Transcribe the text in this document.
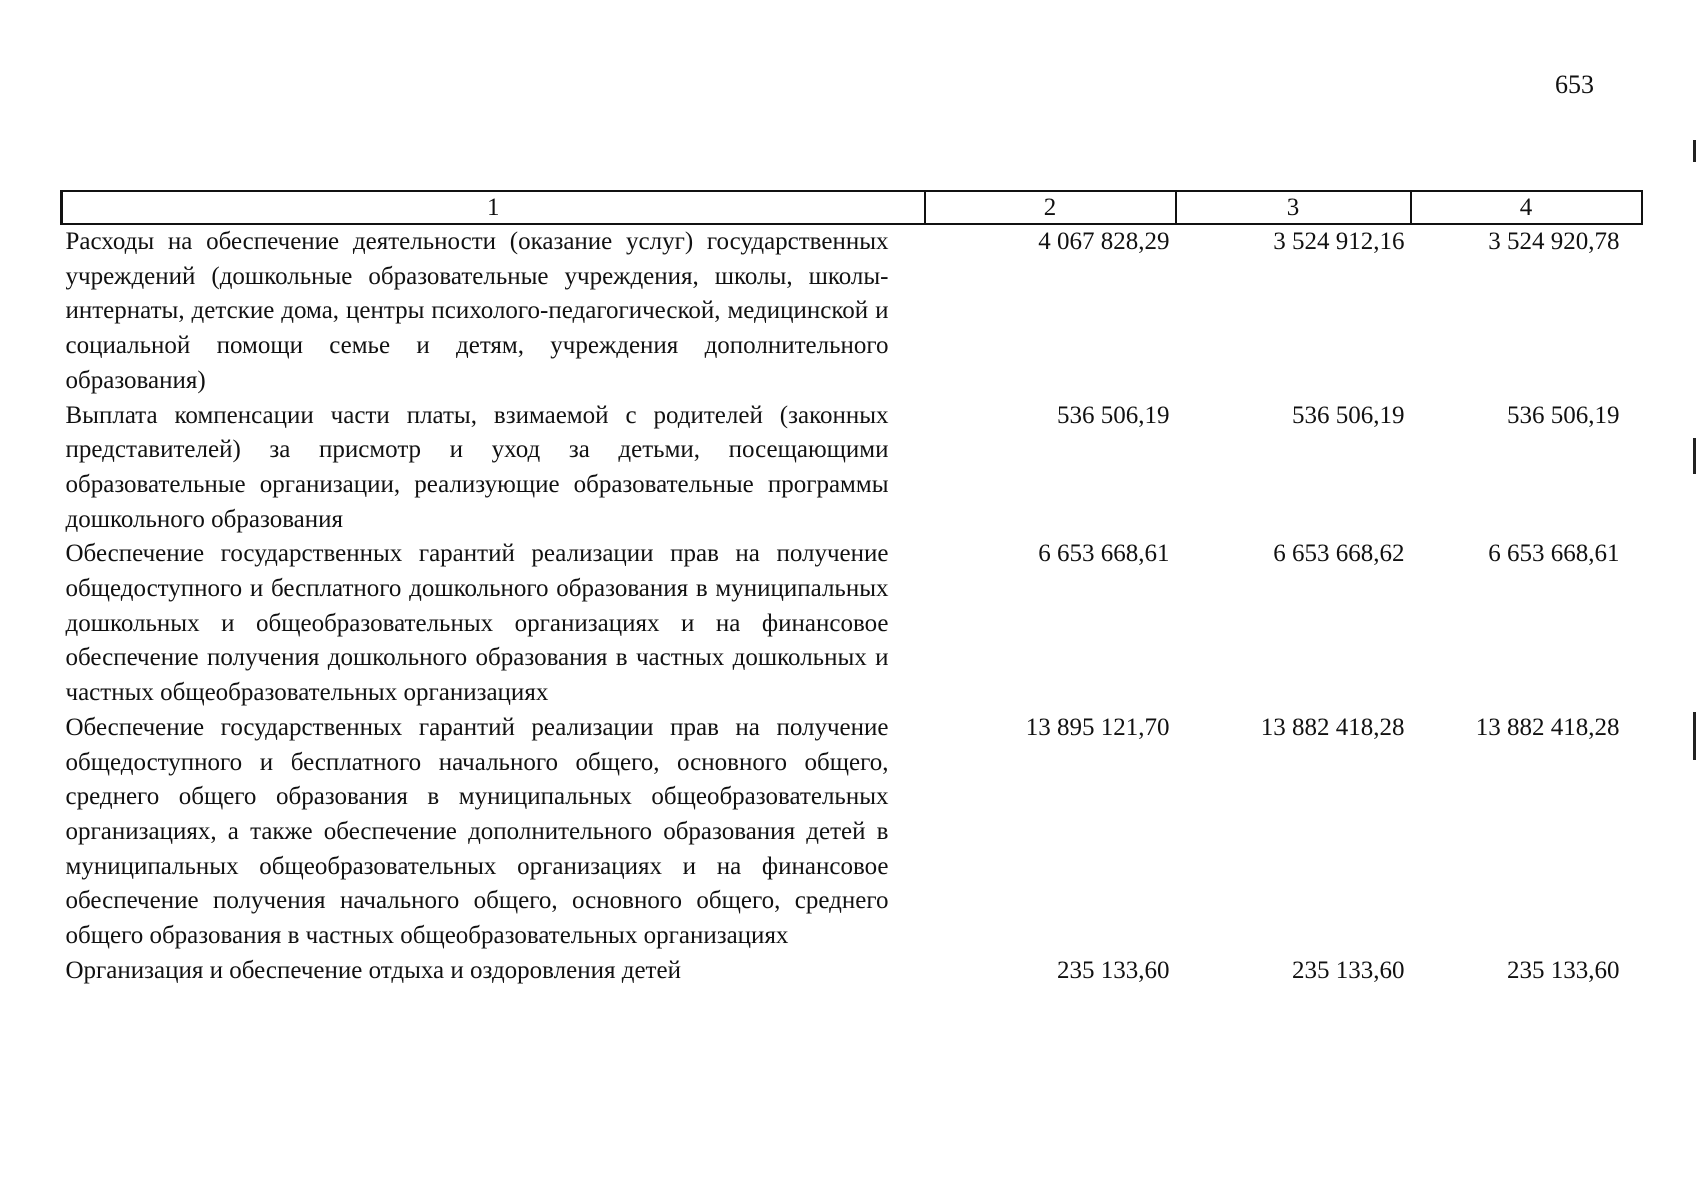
653
1	2	3	4
Расходы на обеспечение деятельности (оказание услуг) государственных учреждений (дошкольные образовательные учреждения, школы, школы-интернаты, детские дома, центры психолого-педагогической, медицинской и социальной помощи семье и детям, учреждения дополнительного образования)	4 067 828,29	3 524 912,16	3 524 920,78
Выплата компенсации части платы, взимаемой с родителей (законных представителей) за присмотр и уход за детьми, посещающими образовательные организации, реализующие образовательные программы дошкольного образования	536 506,19	536 506,19	536 506,19
Обеспечение государственных гарантий реализации прав на получение общедоступного и бесплатного дошкольного образования в муниципальных дошкольных и общеобразовательных организациях и на финансовое обеспечение получения дошкольного образования в частных дошкольных и частных общеобразовательных организациях	6 653 668,61	6 653 668,62	6 653 668,61
Обеспечение государственных гарантий реализации прав на получение общедоступного и бесплатного начального общего, основного общего, среднего общего образования в муниципальных общеобразовательных организациях, а также обеспечение дополнительного образования детей в муниципальных общеобразовательных организациях и на финансовое обеспечение получения начального общего, основного общего, среднего общего образования в частных общеобразовательных организациях	13 895 121,70	13 882 418,28	13 882 418,28
Организация и обеспечение отдыха и оздоровления детей	235 133,60	235 133,60	235 133,60
